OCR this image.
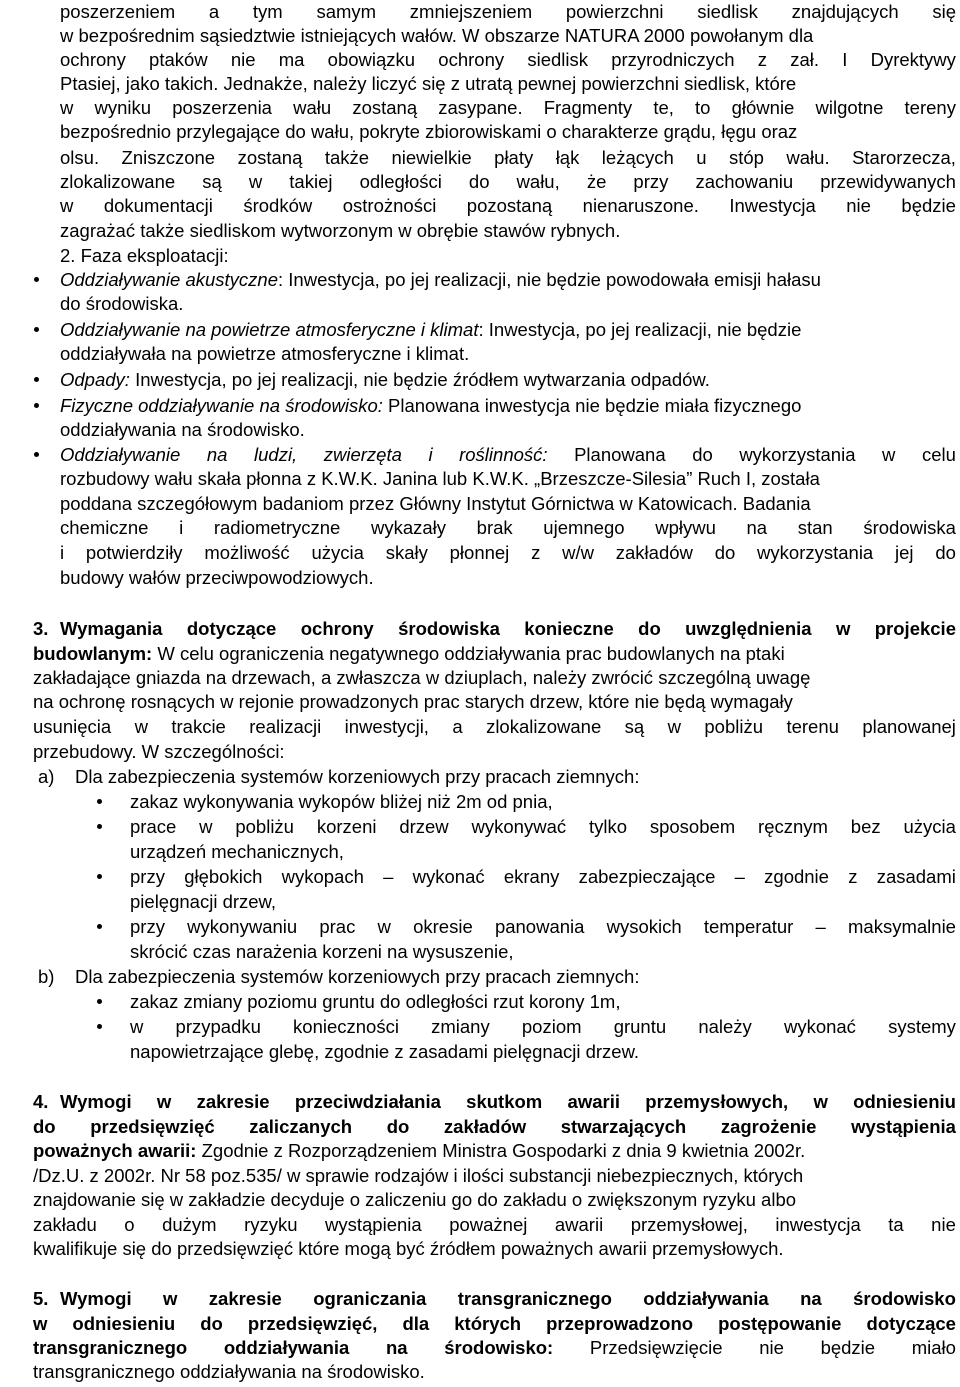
poszerzeniem a tym samym zmniejszeniem powierzchni siedlisk znajdujących się
w bezpośrednim sąsiedztwie istniejących wałów. W obszarze NATURA 2000 powołanym dla
ochrony ptaków nie ma obowiązku ochrony siedlisk przyrodniczych z zał. I Dyrektywy
Ptasiej, jako takich. Jednakże, należy liczyć się z utratą pewnej powierzchni siedlisk, które
w wyniku poszerzenia wału zostaną zasypane. Fragmenty te, to głównie wilgotne tereny
bezpośrednio przylegające do wału, pokryte zbiorowiskami o charakterze grądu, łęgu oraz
olsu. Zniszczone zostaną także niewielkie płaty łąk leżących u stóp wału. Starorzecza,
zlokalizowane są w takiej odległości do wału, że przy zachowaniu przewidywanych
w dokumentacji środków ostrożności pozostaną nienaruszone. Inwestycja nie będzie
zagrażać także siedliskom wytworzonym w obrębie stawów rybnych.
2. Faza eksploatacji:
Oddziaływanie akustyczne: Inwestycja, po jej realizacji, nie będzie powodowała emisji hałasu
do środowiska.
Oddziaływanie na powietrze atmosferyczne i klimat: Inwestycja, po jej realizacji, nie będzie
oddziaływała na powietrze atmosferyczne i klimat.
Odpady: Inwestycja, po jej realizacji, nie będzie źródłem wytwarzania odpadów.
Fizyczne oddziaływanie na środowisko: Planowana inwestycja nie będzie miała fizycznego
oddziaływania na środowisko.
Oddziaływanie na ludzi, zwierzęta i roślinność: Planowana do wykorzystania w celu
rozbudowy wału skała płonna z K.W.K. Janina lub K.W.K. „Brzeszcze-Silesia” Ruch I, została
poddana szczegółowym badaniom przez Główny Instytut Górnictwa w Katowicach. Badania
chemiczne i radiometryczne wykazały brak ujemnego wpływu na stan środowiska
i potwierdziły możliwość użycia skały płonnej z w/w zakładów do wykorzystania jej do
budowy wałów przeciwpowodziowych.
3. Wymagania dotyczące ochrony środowiska konieczne do uwzględnienia w projekcie
budowlanym: W celu ograniczenia negatywnego oddziaływania prac budowlanych na ptaki
zakładające gniazda na drzewach, a zwłaszcza w dziuplach, należy zwrócić szczególną uwagę
na ochronę rosnących w rejonie prowadzonych prac starych drzew, które nie będą wymagały
usunięcia w trakcie realizacji inwestycji, a zlokalizowane są w pobliżu terenu planowanej
przebudowy. W szczególności:
a) Dla zabezpieczenia systemów korzeniowych przy pracach ziemnych:
zakaz wykonywania wykopów bliżej niż 2m od pnia,
prace w pobliżu korzeni drzew wykonywać tylko sposobem ręcznym bez użycia
urządzeń mechanicznych,
przy głębokich wykopach – wykonać ekrany zabezpieczające – zgodnie z zasadami
pielęgnacji drzew,
przy wykonywaniu prac w okresie panowania wysokich temperatur – maksymalnie
skrócić czas narażenia korzeni na wysuszenie,
b) Dla zabezpieczenia systemów korzeniowych przy pracach ziemnych:
zakaz zmiany poziomu gruntu do odległości rzut korony 1m,
w przypadku konieczności zmiany poziom gruntu należy wykonać systemy
napowietrzające glebę, zgodnie z zasadami pielęgnacji drzew.
4. Wymogi w zakresie przeciwdziałania skutkom awarii przemysłowych, w odniesieniu
do przedsięwzięć zaliczanych do zakładów stwarzających zagrożenie wystąpienia
poważnych awarii: Zgodnie z Rozporządzeniem Ministra Gospodarki z dnia 9 kwietnia 2002r.
/Dz.U. z 2002r. Nr 58 poz.535/ w sprawie rodzajów i ilości substancji niebezpiecznych, których
znajdowanie się w zakładzie decyduje o zaliczeniu go do zakładu o zwiększonym ryzyku albo
zakładu o dużym ryzyku wystąpienia poważnej awarii przemysłowej, inwestycja ta nie
kwalifikuje się do przedsięwzięć które mogą być źródłem poważnych awarii przemysłowych.
5. Wymogi w zakresie ograniczania transgranicznego oddziaływania na środowisko
w odniesieniu do przedsięwzięć, dla których przeprowadzono postępowanie dotyczące
transgranicznego oddziaływania na środowisko: Przedsięwzięcie nie będzie miało
transgranicznego oddziaływania na środowisko.
